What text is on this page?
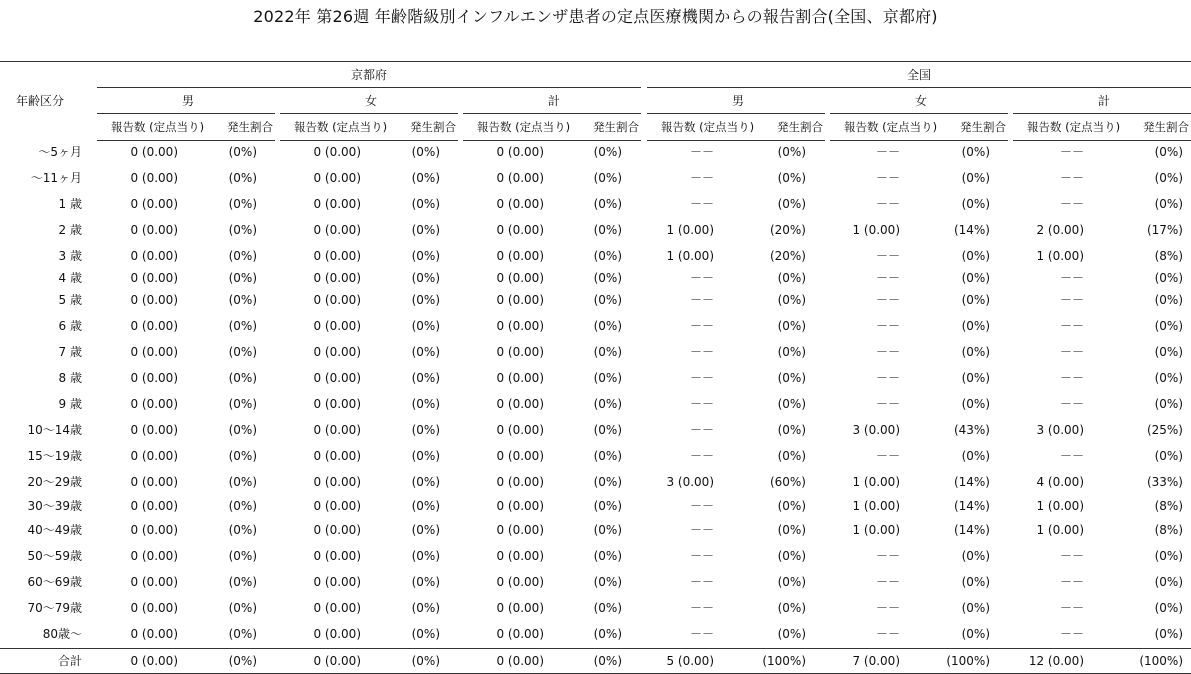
2022年 第26週 年齢階級別インフルエンザ患者の定点医療機関からの報告割合(全国、京都府)
年齢区分
京都府	全国
男
報告数 (定点当り)	発生割合
女
報告数 (定点当り)	発生割合
計
報告数 (定点当り)	発生割合
男
報告数 (定点当り)	発生割合
女
報告数 (定点当り)	発生割合
計
報告数 (定点当り)	発生割合
～5ヶ月	0 (0.00)	(0%)	0 (0.00)	(0%)	0 (0.00)	(0%)	－－	(0%)	－－	(0%)	－－	(0%)
～11ヶ月	0 (0.00)	(0%)	0 (0.00)	(0%)	0 (0.00)	(0%)	－－	(0%)	－－	(0%)	－－	(0%)
1 歳	0 (0.00)	(0%)	0 (0.00)	(0%)	0 (0.00)	(0%)	－－	(0%)	－－	(0%)	－－	(0%)
2 歳	0 (0.00)	(0%)	0 (0.00)	(0%)	0 (0.00)	(0%)	1 (0.00)	(20%)	1 (0.00)	(14%)	2 (0.00)	(17%)
3 歳	0 (0.00)	(0%)	0 (0.00)	(0%)	0 (0.00)	(0%)	1 (0.00)	(20%)	－－	(0%)	1 (0.00)	(8%)
4 歳	0 (0.00)	(0%)	0 (0.00)	(0%)	0 (0.00)	(0%)	－－	(0%)	－－	(0%)	－－	(0%)
5 歳	0 (0.00)	(0%)	0 (0.00)	(0%)	0 (0.00)	(0%)	－－	(0%)	－－	(0%)	－－	(0%)
6 歳	0 (0.00)	(0%)	0 (0.00)	(0%)	0 (0.00)	(0%)	－－	(0%)	－－	(0%)	－－	(0%)
7 歳	0 (0.00)	(0%)	0 (0.00)	(0%)	0 (0.00)	(0%)	－－	(0%)	－－	(0%)	－－	(0%)
8 歳	0 (0.00)	(0%)	0 (0.00)	(0%)	0 (0.00)	(0%)	－－	(0%)	－－	(0%)	－－	(0%)
9 歳	0 (0.00)	(0%)	0 (0.00)	(0%)	0 (0.00)	(0%)	－－	(0%)	－－	(0%)	－－	(0%)
10～14歳	0 (0.00)	(0%)	0 (0.00)	(0%)	0 (0.00)	(0%)	－－	(0%)	3 (0.00)	(43%)	3 (0.00)	(25%)
15～19歳	0 (0.00)	(0%)	0 (0.00)	(0%)	0 (0.00)	(0%)	－－	(0%)	－－	(0%)	－－	(0%)
20～29歳	0 (0.00)	(0%)	0 (0.00)	(0%)	0 (0.00)	(0%)	3 (0.00)	(60%)	1 (0.00)	(14%)	4 (0.00)	(33%)
30～39歳	0 (0.00)	(0%)	0 (0.00)	(0%)	0 (0.00)	(0%)	－－	(0%)	1 (0.00)	(14%)	1 (0.00)	(8%)
40～49歳	0 (0.00)	(0%)	0 (0.00)	(0%)	0 (0.00)	(0%)	－－	(0%)	1 (0.00)	(14%)	1 (0.00)	(8%)
50～59歳	0 (0.00)	(0%)	0 (0.00)	(0%)	0 (0.00)	(0%)	－－	(0%)	－－	(0%)	－－	(0%)
60～69歳	0 (0.00)	(0%)	0 (0.00)	(0%)	0 (0.00)	(0%)	－－	(0%)	－－	(0%)	－－	(0%)
70～79歳	0 (0.00)	(0%)	0 (0.00)	(0%)	0 (0.00)	(0%)	－－	(0%)	－－	(0%)	－－	(0%)
80歳～	0 (0.00)	(0%)	0 (0.00)	(0%)	0 (0.00)	(0%)	－－	(0%)	－－	(0%)	－－	(0%)
合計	0 (0.00)	(0%)	0 (0.00)	(0%)	0 (0.00)	(0%)	5 (0.00)	(100%)	7 (0.00)	(100%)	12 (0.00)	(100%)
